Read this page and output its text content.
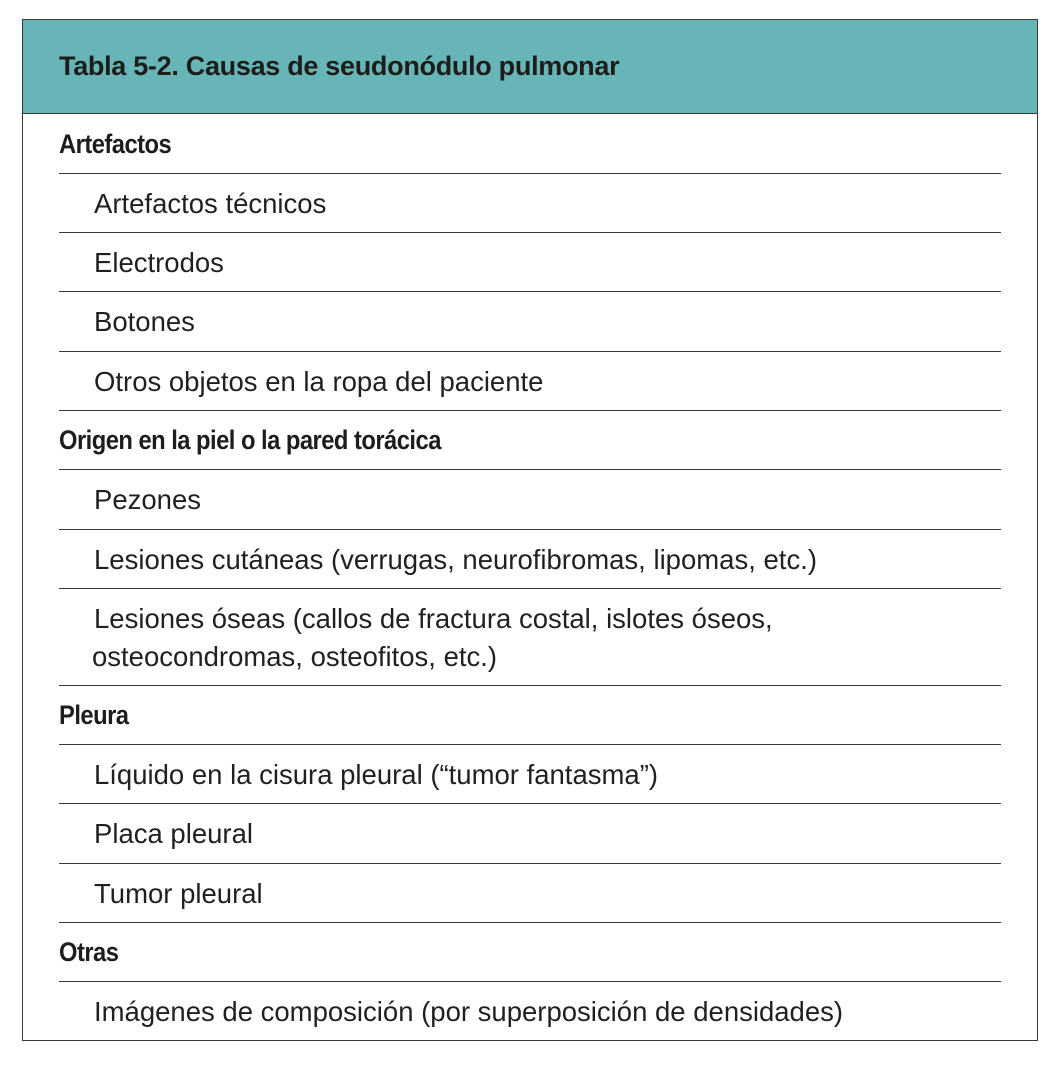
Tabla 5-2. Causas de seudonódulo pulmonar
Artefactos
Artefactos técnicos
Electrodos
Botones
Otros objetos en la ropa del paciente
Origen en la piel o la pared torácica
Pezones
Lesiones cutáneas (verrugas, neurofibromas, lipomas, etc.)
Lesiones óseas (callos de fractura costal, islotes óseos,
osteocondromas, osteofitos, etc.)
Pleura
Líquido en la cisura pleural (“tumor fantasma”)
Placa pleural
Tumor pleural
Otras
Imágenes de composición (por superposición de densidades)
